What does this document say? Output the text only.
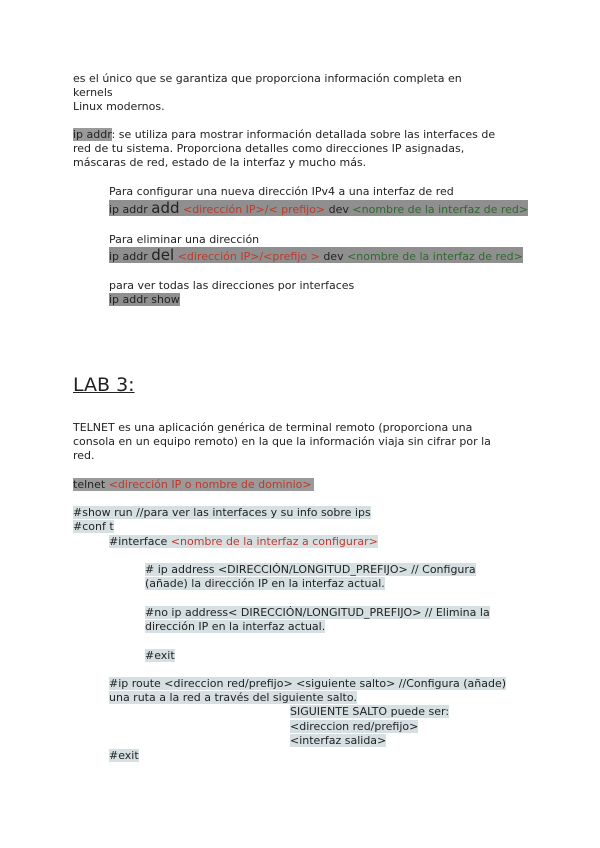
es el único que se garantiza que proporciona información completa en
kernels
Linux modernos.
ip addr: se utiliza para mostrar información detallada sobre las interfaces de
red de tu sistema. Proporciona detalles como direcciones IP asignadas,
máscaras de red, estado de la interfaz y mucho más.
Para configurar una nueva dirección IPv4 a una interfaz de red
ip addr add <dirección IP>/< prefijo> dev <nombre de la interfaz de red>
Para eliminar una dirección
ip addr del <dirección IP>/<prefijo > dev <nombre de la interfaz de red>
para ver todas las direcciones por interfaces
ip addr show
LAB 3:
TELNET es una aplicación genérica de terminal remoto (proporciona una
consola en un equipo remoto) en la que la información viaja sin cifrar por la
red.
telnet <dirección IP o nombre de dominio>
#show run //para ver las interfaces y su info sobre ips
#conf t
#interface <nombre de la interfaz a configurar>
# ip address <DIRECCIÓN/LONGITUD_PREFIJO> // Configura
(añade) la dirección IP en la interfaz actual.
#no ip address< DIRECCIÓN/LONGITUD_PREFIJO> // Elimina la
dirección IP en la interfaz actual.
#exit
#ip route <direccion red/prefijo> <siguiente salto> //Configura (añade)
una ruta a la red a través del siguiente salto.
SIGUIENTE SALTO puede ser:
<direccion red/prefijo>
<interfaz salida>
#exit
